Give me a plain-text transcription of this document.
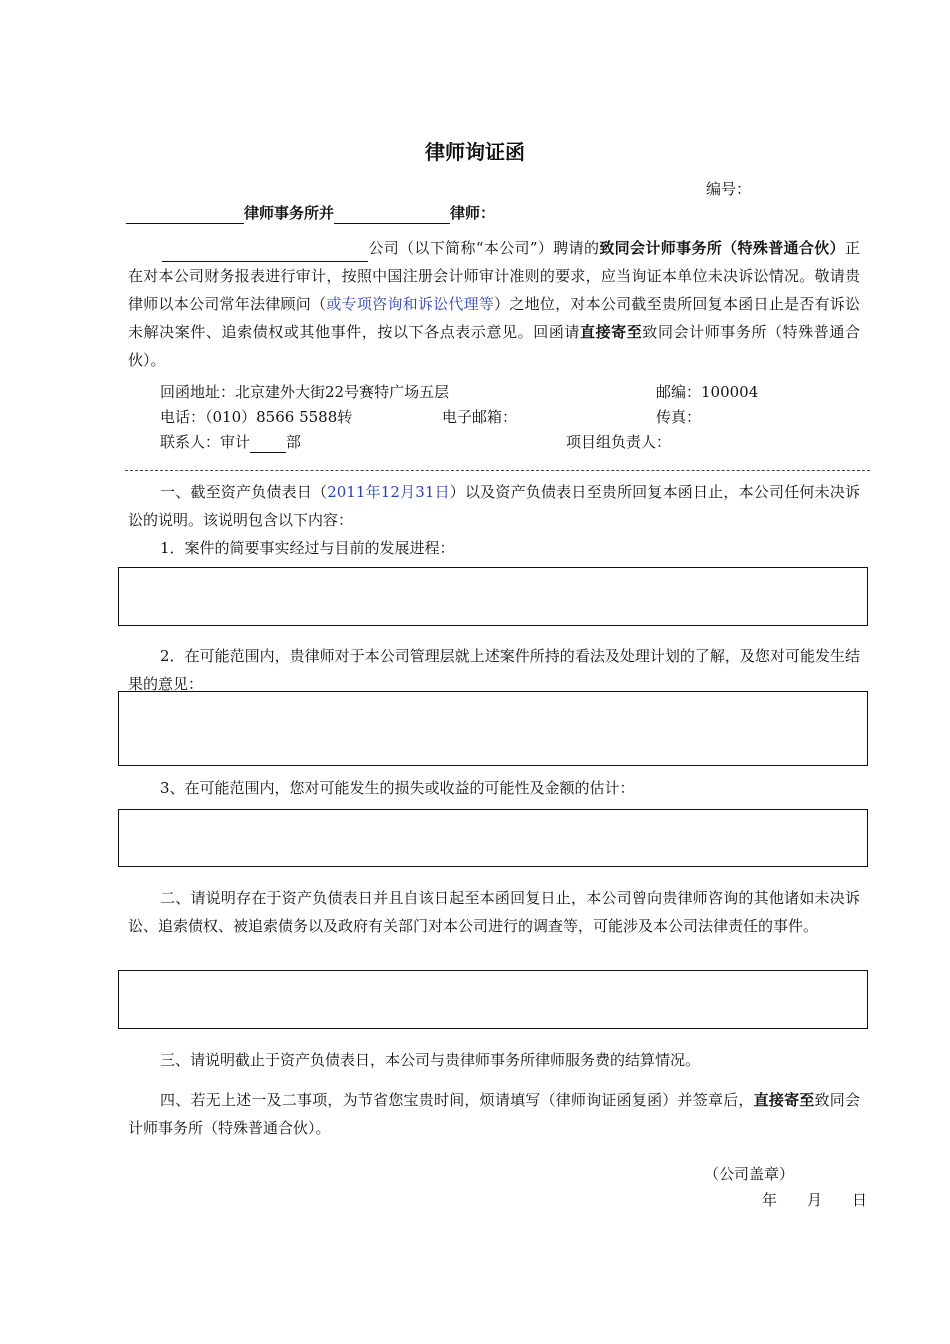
律师询证函
编号：
律师事务所并	律师：
公司（以下简称“本公司”）聘请的致同会计师事务所（特殊普通合伙）正在对本公司财务报表进行审计，按照中国注册会计师审计准则的要求，应当询证本单位未决诉讼情况。敬请贵律师以本公司常年法律顾问（或专项咨询和诉讼代理等）之地位，对本公司截至贵所回复本函日止是否有诉讼未解决案件、追索债权或其他事件，按以下各点表示意见。回函请直接寄至致同会计师事务所（特殊普通合伙）。
回函地址：北京建外大街22号赛特广场五层	邮编：100004
电话：（010）8566 5588转	电子邮箱：	传真：
联系人：审计 部	项目组负责人：
一、截至资产负债表日（2011年12月31日）以及资产负债表日至贵所回复本函日止，本公司任何未决诉讼的说明。该说明包含以下内容：
1．案件的简要事实经过与目前的发展进程：
2．在可能范围内，贵律师对于本公司管理层就上述案件所持的看法及处理计划的了解，及您对可能发生结果的意见：
3、在可能范围内，您对可能发生的损失或收益的可能性及金额的估计：
二、请说明存在于资产负债表日并且自该日起至本函回复日止，本公司曾向贵律师咨询的其他诸如未决诉讼、追索债权、被追索债务以及政府有关部门对本公司进行的调查等，可能涉及本公司法律责任的事件。
三、请说明截止于资产负债表日，本公司与贵律师事务所律师服务费的结算情况。
四、若无上述一及二事项，为节省您宝贵时间，烦请填写（律师询证函复函）并签章后，直接寄至致同会计师事务所（特殊普通合伙）。
（公司盖章）
年　　月　　日
